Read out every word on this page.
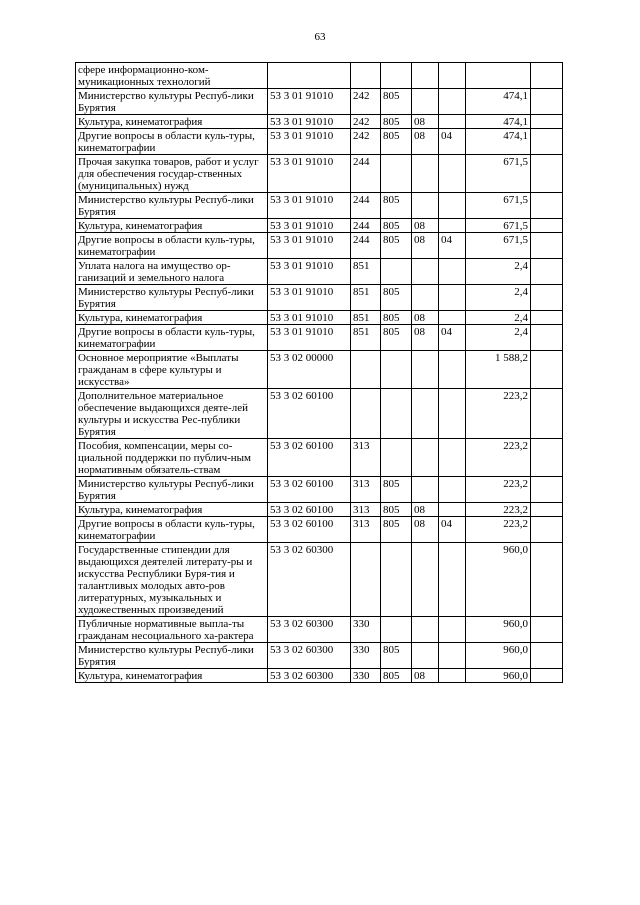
63
сфере информационно-ком-муникационных технологий							
Министерство культуры Респуб-лики Бурятия	53 3 01 91010	242	805			474,1	
Культура, кинематография	53 3 01 91010	242	805	08		474,1	
Другие вопросы в области куль-туры, кинематографии	53 3 01 91010	242	805	08	04	474,1	
Прочая закупка товаров, работ и услуг для обеспечения государ-ственных (муниципальных) нужд	53 3 01 91010	244				671,5	
Министерство культуры Респуб-лики Бурятия	53 3 01 91010	244	805			671,5	
Культура, кинематография	53 3 01 91010	244	805	08		671,5	
Другие вопросы в области куль-туры, кинематографии	53 3 01 91010	244	805	08	04	671,5	
Уплата налога на имущество ор-ганизаций и земельного налога	53 3 01 91010	851				2,4	
Министерство культуры Респуб-лики Бурятия	53 3 01 91010	851	805			2,4	
Культура, кинематография	53 3 01 91010	851	805	08		2,4	
Другие вопросы в области куль-туры, кинематографии	53 3 01 91010	851	805	08	04	2,4	
Основное мероприятие «Выплаты гражданам в сфере культуры и искусства»	53 3 02 00000					1 588,2	
Дополнительное материальное обеспечение выдающихся деяте-лей культуры и искусства Рес-публики Бурятия	53 3 02 60100					223,2	
Пособия, компенсации, меры со-циальной поддержки по публич-ным нормативным обязатель-ствам	53 3 02 60100	313				223,2	
Министерство культуры Респуб-лики Бурятия	53 3 02 60100	313	805			223,2	
Культура, кинематография	53 3 02 60100	313	805	08		223,2	
Другие вопросы в области куль-туры, кинематографии	53 3 02 60100	313	805	08	04	223,2	
Государственные стипендии для выдающихся деятелей литерату-ры и искусства Республики Буря-тия и талантливых молодых авто-ров литературных, музыкальных и художественных произведений	53 3 02 60300					960,0	
Публичные нормативные выпла-ты гражданам несоциального ха-рактера	53 3 02 60300	330				960,0	
Министерство культуры Респуб-лики Бурятия	53 3 02 60300	330	805			960,0	
Культура, кинематография	53 3 02 60300	330	805	08		960,0	
